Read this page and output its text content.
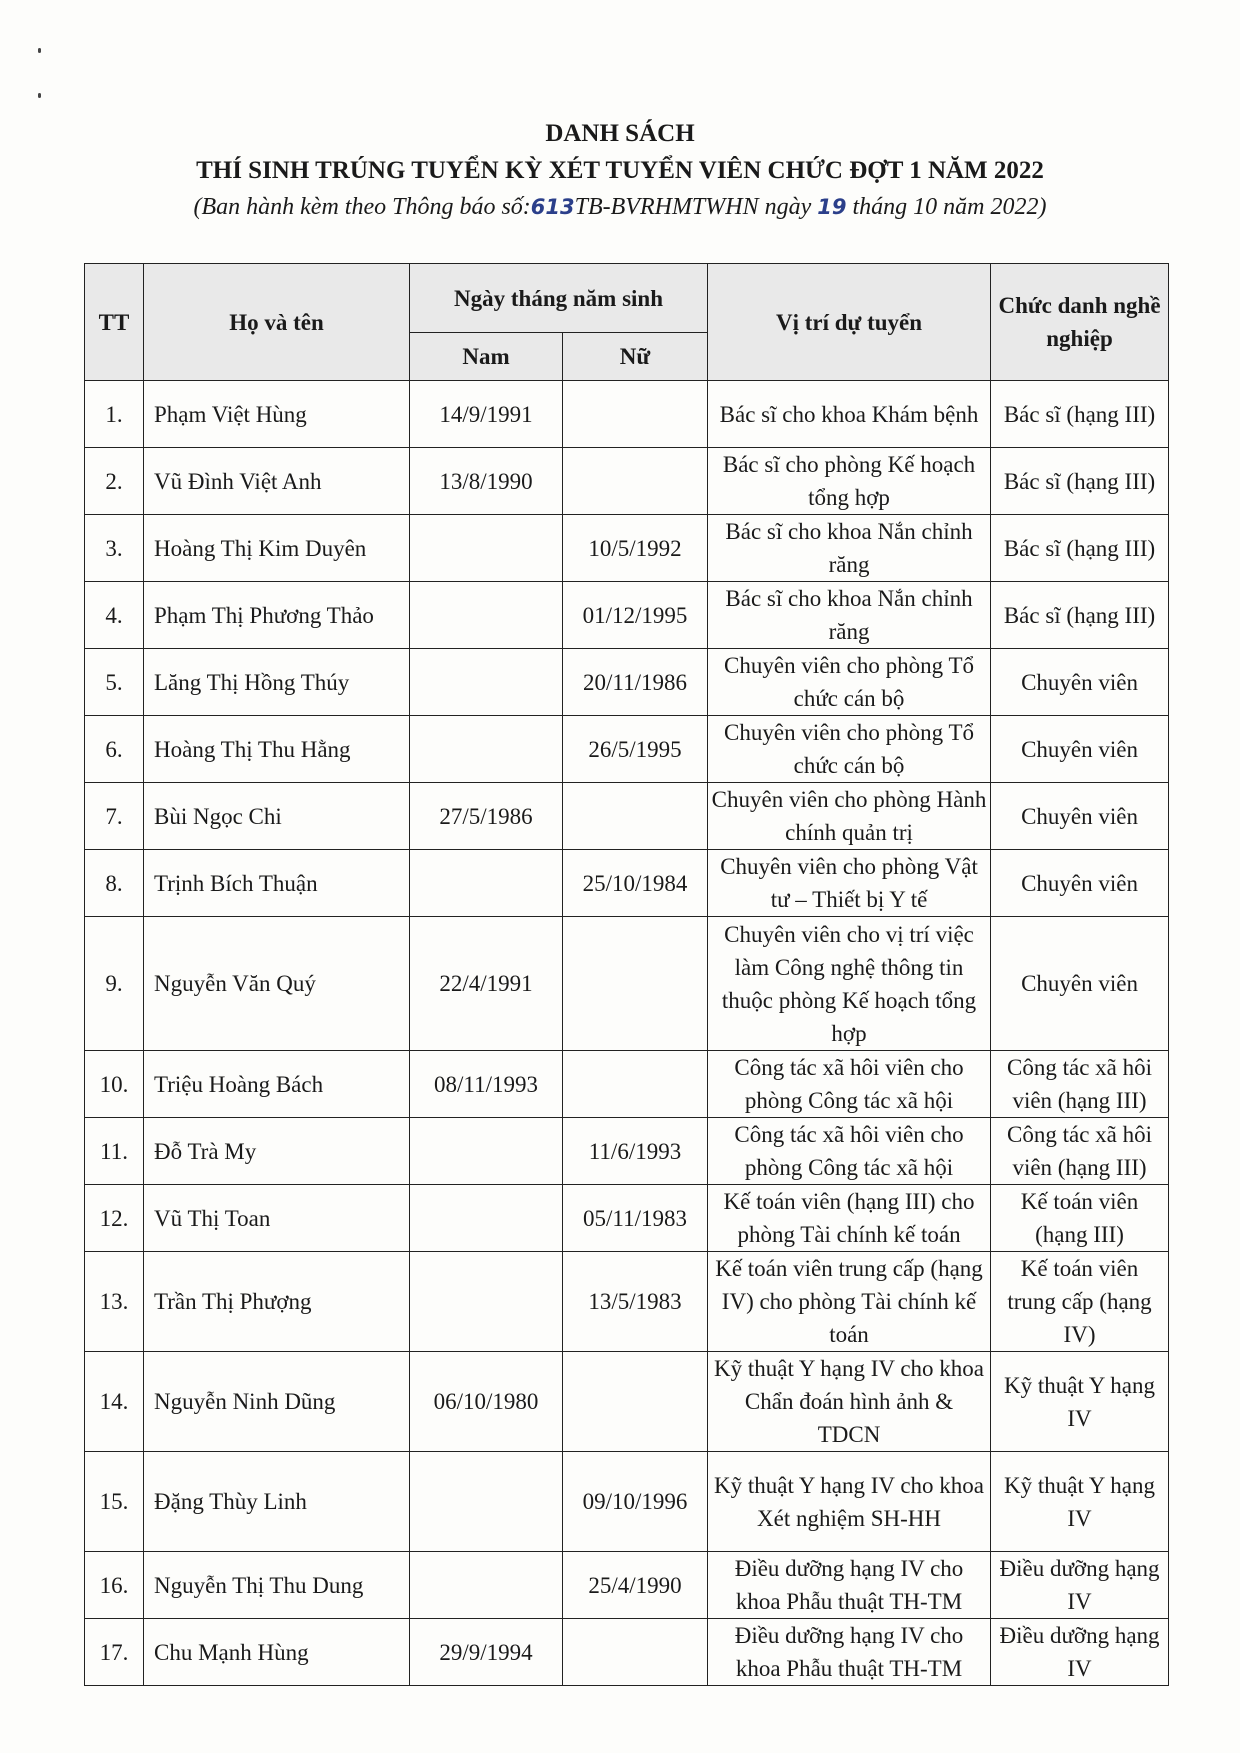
DANH SÁCH
THÍ SINH TRÚNG TUYỂN KỲ XÉT TUYỂN VIÊN CHỨC ĐỢT 1 NĂM 2022
(Ban hành kèm theo Thông báo số:613TB-BVRHMTWHN ngày 19 tháng 10 năm 2022)
TT	Họ và tên	Ngày tháng năm sinh		Vị trí dự tuyển	Chức danh nghề nghiệp
		Nam	Nữ		
1.	Phạm Việt Hùng	14/9/1991		Bác sĩ cho khoa Khám bệnh	Bác sĩ (hạng III)
2.	Vũ Đình Việt Anh	13/8/1990		Bác sĩ cho phòng Kế hoạch tổng hợp	Bác sĩ (hạng III)
3.	Hoàng Thị Kim Duyên		10/5/1992	Bác sĩ cho khoa Nắn chỉnh răng	Bác sĩ (hạng III)
4.	Phạm Thị Phương Thảo		01/12/1995	Bác sĩ cho khoa Nắn chỉnh răng	Bác sĩ (hạng III)
5.	Lăng Thị Hồng Thúy		20/11/1986	Chuyên viên cho phòng Tổ chức cán bộ	Chuyên viên
6.	Hoàng Thị Thu Hằng		26/5/1995	Chuyên viên cho phòng Tổ chức cán bộ	Chuyên viên
7.	Bùi Ngọc Chi	27/5/1986		Chuyên viên cho phòng Hành chính quản trị	Chuyên viên
8.	Trịnh Bích Thuận		25/10/1984	Chuyên viên cho phòng Vật tư – Thiết bị Y tế	Chuyên viên
9.	Nguyễn Văn Quý	22/4/1991		Chuyên viên cho vị trí việc làm Công nghệ thông tin thuộc phòng Kế hoạch tổng hợp	Chuyên viên
10.	Triệu Hoàng Bách	08/11/1993		Công tác xã hôi viên cho phòng Công tác xã hội	Công tác xã hôi viên (hạng III)
11.	Đỗ Trà My		11/6/1993	Công tác xã hôi viên cho phòng Công tác xã hội	Công tác xã hôi viên (hạng III)
12.	Vũ Thị Toan		05/11/1983	Kế toán viên (hạng III) cho phòng Tài chính kế toán	Kế toán viên (hạng III)
13.	Trần Thị Phượng		13/5/1983	Kế toán viên trung cấp (hạng IV) cho phòng Tài chính kế toán	Kế toán viên trung cấp (hạng IV)
14.	Nguyễn Ninh Dũng	06/10/1980		Kỹ thuật Y hạng IV cho khoa Chẩn đoán hình ảnh & TDCN	Kỹ thuật Y hạng IV
15.	Đặng Thùy Linh		09/10/1996	Kỹ thuật Y hạng IV cho khoa Xét nghiệm SH-HH	Kỹ thuật Y hạng IV
16.	Nguyễn Thị Thu Dung		25/4/1990	Điều dưỡng hạng IV cho khoa Phẫu thuật TH-TM	Điều dưỡng hạng IV
17.	Chu Mạnh Hùng	29/9/1994		Điều dưỡng hạng IV cho khoa Phẫu thuật TH-TM	Điều dưỡng hạng IV
